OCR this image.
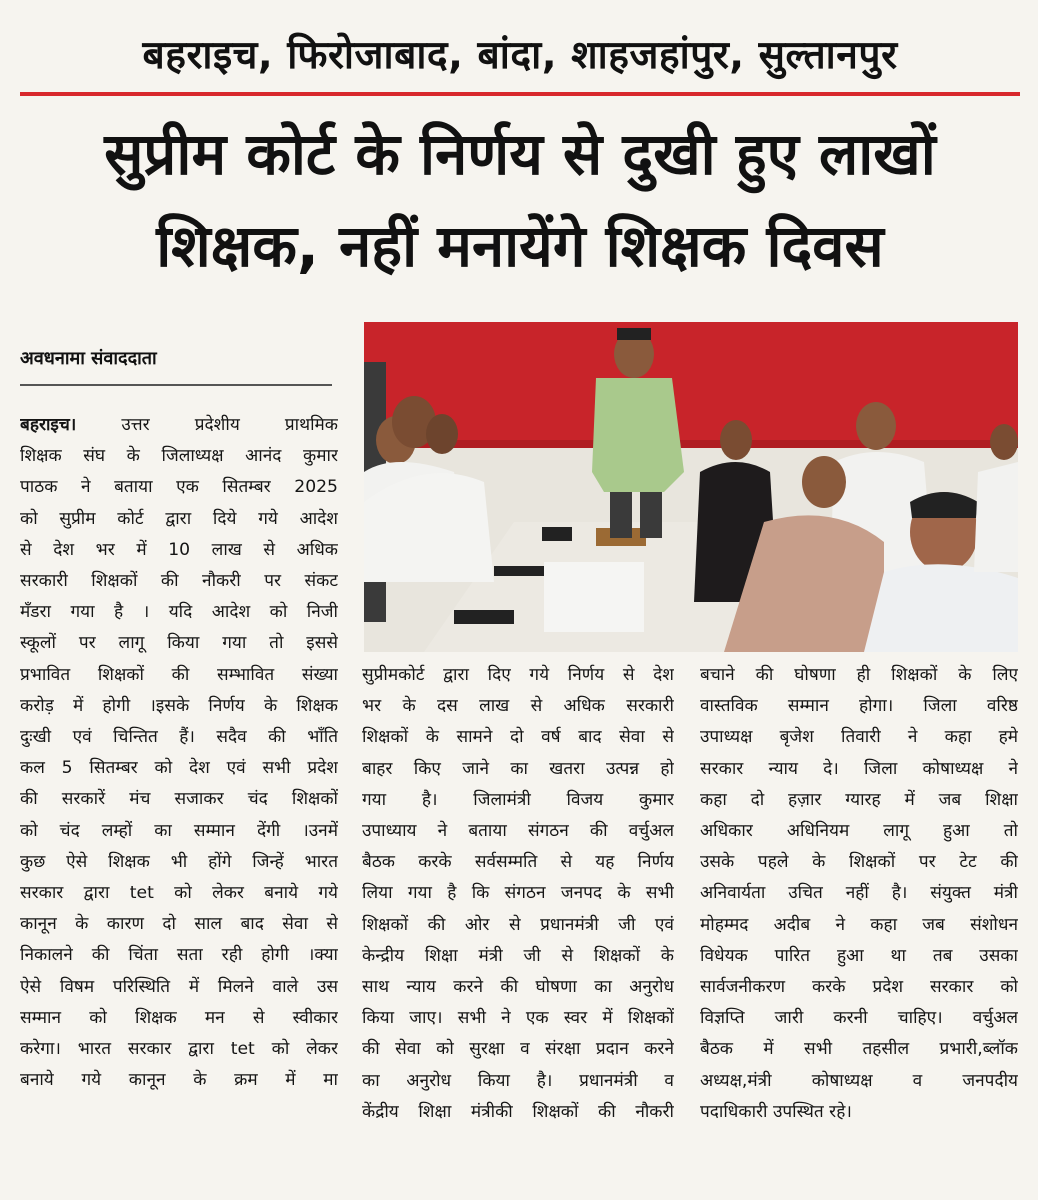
बहराइच, फिरोजाबाद, बांदा, शाहजहांपुर, सुल्तानपुर
सुप्रीम कोर्ट के निर्णय से दुखी हुए लाखों
शिक्षक, नहीं मनायेंगे शिक्षक दिवस
अवधनामा संवाददाता
बहराइच। उत्तर प्रदेशीय प्राथमिक
शिक्षक संघ के जिलाध्यक्ष आनंद कुमार
पाठक ने बताया एक सितम्बर 2025
को सुप्रीम कोर्ट द्वारा दिये गये आदेश
से देश भर में 10 लाख से अधिक
सरकारी शिक्षकों की नौकरी पर संकट
मँडरा गया है । यदि आदेश को निजी
स्कूलों पर लागू किया गया तो इससे
प्रभावित शिक्षकों की सम्भावित संख्या
करोड़ में होगी ।इसके निर्णय के शिक्षक
दुःखी एवं चिन्तित हैं। सदैव की भाँति
कल 5 सितम्बर को देश एवं सभी प्रदेश
की सरकारें मंच सजाकर चंद शिक्षकों
को चंद लम्हों का सम्मान देंगी ।उनमें
कुछ ऐसे शिक्षक भी होंगे जिन्हें भारत
सरकार द्वारा tet को लेकर बनाये गये
कानून के कारण दो साल बाद सेवा से
निकालने की चिंता सता रही होगी ।क्या
ऐसे विषम परिस्थिति में मिलने वाले उस
सम्मान को शिक्षक मन से स्वीकार
करेगा। भारत सरकार द्वारा tet को लेकर
बनाये गये कानून के क्रम में मा
सुप्रीमकोर्ट द्वारा दिए गये निर्णय से देश
भर के दस लाख से अधिक सरकारी
शिक्षकों के सामने दो वर्ष बाद सेवा से
बाहर किए जाने का खतरा उत्पन्न हो
गया है। जिलामंत्री विजय कुमार
उपाध्याय ने बताया संगठन की वर्चुअल
बैठक करके सर्वसम्मति से यह निर्णय
लिया गया है कि संगठन जनपद के सभी
शिक्षकों की ओर से प्रधानमंत्री जी एवं
केन्द्रीय शिक्षा मंत्री जी से शिक्षकों के
साथ न्याय करने की घोषणा का अनुरोध
किया जाए। सभी ने एक स्वर में शिक्षकों
की सेवा को सुरक्षा व संरक्षा प्रदान करने
का अनुरोध किया है। प्रधानमंत्री व
केंद्रीय शिक्षा मंत्रीकी शिक्षकों की नौकरी
बचाने की घोषणा ही शिक्षकों के लिए
वास्तविक सम्मान होगा। जिला वरिष्ठ
उपाध्यक्ष बृजेश तिवारी ने कहा हमे
सरकार न्याय दे। जिला कोषाध्यक्ष ने
कहा दो हज़ार ग्यारह में जब शिक्षा
अधिकार अधिनियम लागू हुआ तो
उसके पहले के शिक्षकों पर टेट की
अनिवार्यता उचित नहीं है। संयुक्त मंत्री
मोहम्मद अदीब ने कहा जब संशोधन
विधेयक पारित हुआ था तब उसका
सार्वजनीकरण करके प्रदेश सरकार को
विज्ञप्ति जारी करनी चाहिए। वर्चुअल
बैठक में सभी तहसील प्रभारी,ब्लॉक
अध्यक्ष,मंत्री कोषाध्यक्ष व जनपदीय
पदाधिकारी उपस्थित रहे।
